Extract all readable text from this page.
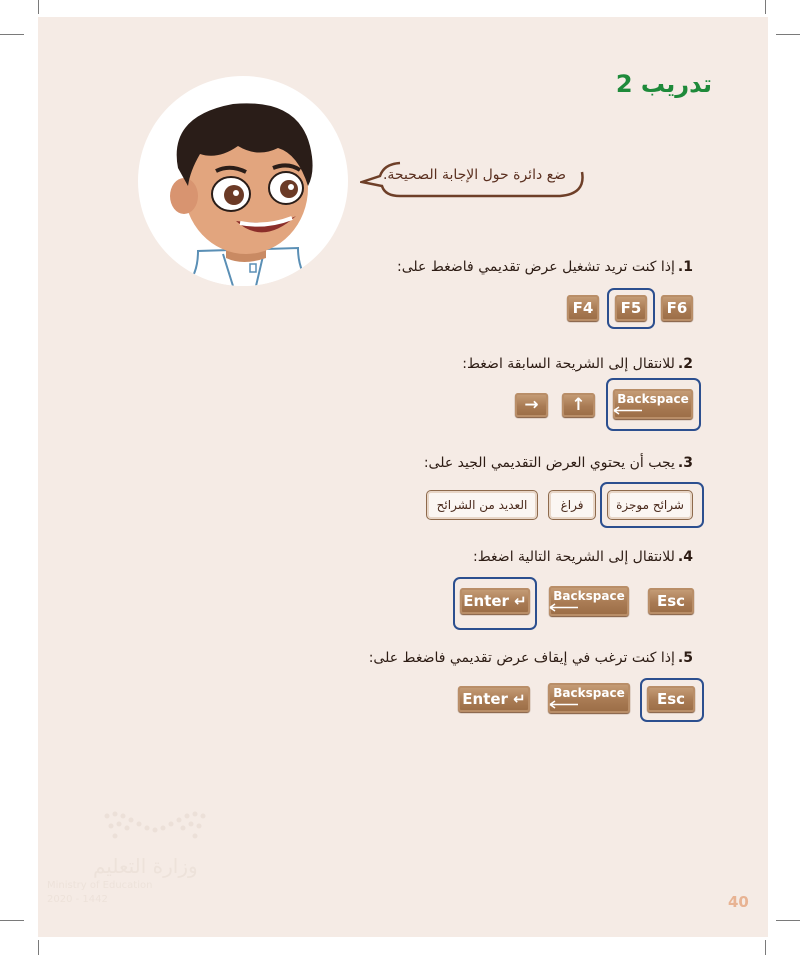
تدريب 2
ضع دائرة حول الإجابة الصحيحة.
1.إذا كنت تريد تشغيل عرض تقديمي فاضغط على:
F4	F5	F6
2.للانتقال إلى الشريحة السابقة اضغط:
→	↑	Backspace
3.يجب أن يحتوي العرض التقديمي الجيد على:
العديد من الشرائح	فراغ	شرائح موجزة
4.للانتقال إلى الشريحة التالية اضغط:
Enter ↵ Backspace	Esc
5.إذا كنت ترغب في إيقاف عرض تقديمي فاضغط على:
Enter ↵	Backspace	Esc
وزارة التعليم
Ministry of Education
2020 - 1442	40
